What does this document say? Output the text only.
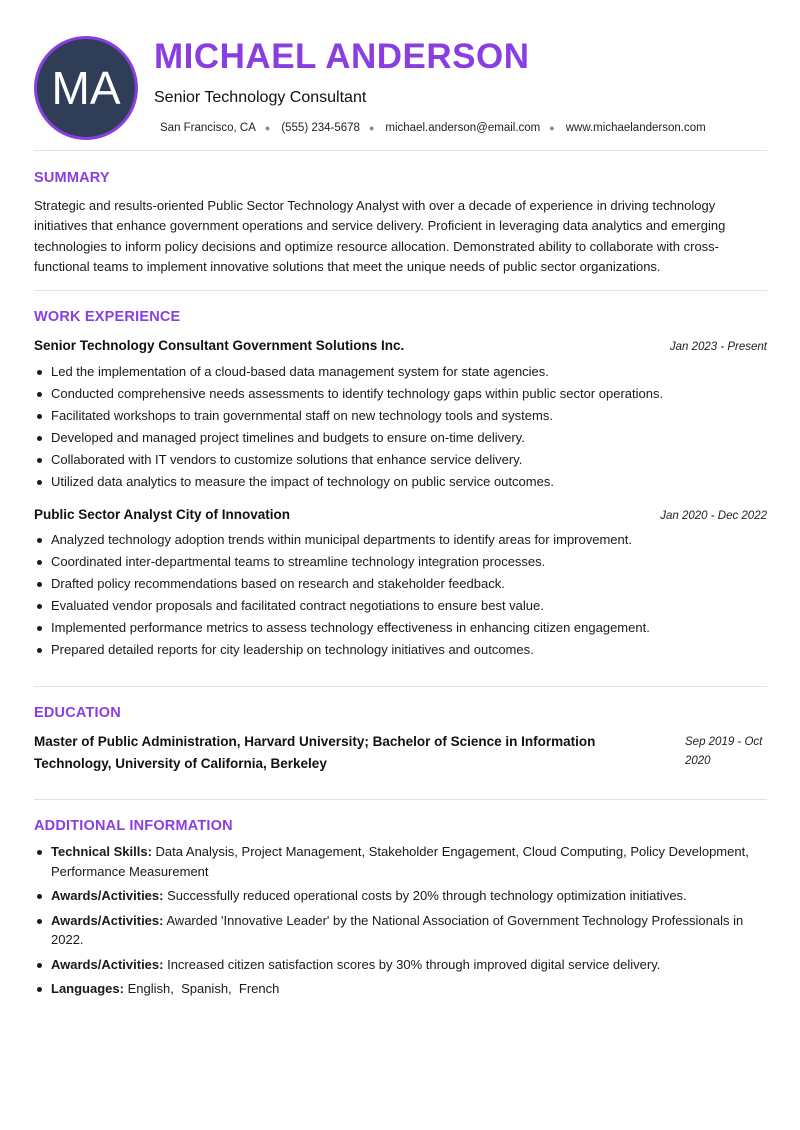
MA
MICHAEL ANDERSON
Senior Technology Consultant
San Francisco, CA ● (555) 234-5678 ● michael.anderson@email.com ● www.michaelanderson.com
SUMMARY

Strategic and results-oriented Public Sector Technology Analyst with over a decade of experience in driving technology initiatives that enhance government operations and service delivery. Proficient in leveraging data analytics and emerging technologies to inform policy decisions and optimize resource allocation. Demonstrated ability to collaborate with cross-functional teams to implement innovative solutions that meet the unique needs of public sector organizations.

WORK EXPERIENCE
Senior Technology Consultant Government Solutions Inc.	Jan 2023 - Present
Led the implementation of a cloud-based data management system for state agencies.
Conducted comprehensive needs assessments to identify technology gaps within public sector operations.
Facilitated workshops to train governmental staff on new technology tools and systems.
Developed and managed project timelines and budgets to ensure on-time delivery.
Collaborated with IT vendors to customize solutions that enhance service delivery.
Utilized data analytics to measure the impact of technology on public service outcomes.
Public Sector Analyst City of Innovation	Jan 2020 - Dec 2022
Analyzed technology adoption trends within municipal departments to identify areas for improvement.
Coordinated inter-departmental teams to streamline technology integration processes.
Drafted policy recommendations based on research and stakeholder feedback.
Evaluated vendor proposals and facilitated contract negotiations to ensure best value.
Implemented performance metrics to assess technology effectiveness in enhancing citizen engagement.
Prepared detailed reports for city leadership on technology initiatives and outcomes.
EDUCATION
Master of Public Administration, Harvard University; Bachelor of Science in Information Technology, University of California, Berkeley
Sep 2019 - Oct 2020
ADDITIONAL INFORMATION
Technical Skills: Data Analysis, Project Management, Stakeholder Engagement, Cloud Computing, Policy Development, Performance Measurement
Awards/Activities: Successfully reduced operational costs by 20% through technology optimization initiatives.
Awards/Activities: Awarded 'Innovative Leader' by the National Association of Government Technology Professionals in 2022.
Awards/Activities: Increased citizen satisfaction scores by 30% through improved digital service delivery.
Languages: English,  Spanish,  French
